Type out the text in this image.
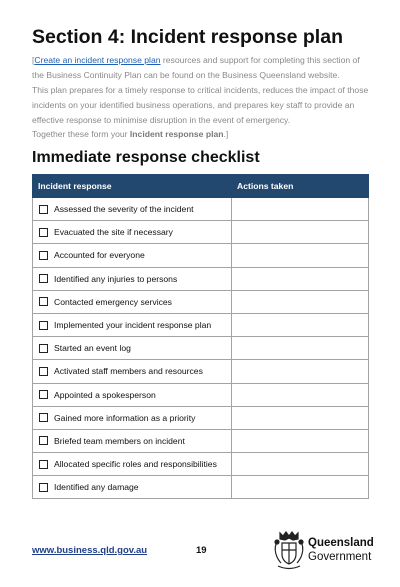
Section 4: Incident response plan
[Create an incident response plan resources and support for completing this section of the Business Continuity Plan can be found on the Business Queensland website.
This plan prepares for a timely response to critical incidents, reduces the impact of those incidents on your identified business operations, and prepares key staff to provide an effective response to minimise disruption in the event of emergency.
Together these form your Incident response plan.]
Immediate response checklist
Incident response	Actions taken

Assessed the severity of the incident	

Evacuated the site if necessary	

Accounted for everyone	

Identified any injuries to persons	

Contacted emergency services	

Implemented your incident response plan	

Started an event log	

Activated staff members and resources	

Appointed a spokesperson	

Gained more information as a priority	

Briefed team members on incident	

Allocated specific roles and responsibilities	

Identified any damage	

www.business.qld.gov.au	19
Queensland
Government
